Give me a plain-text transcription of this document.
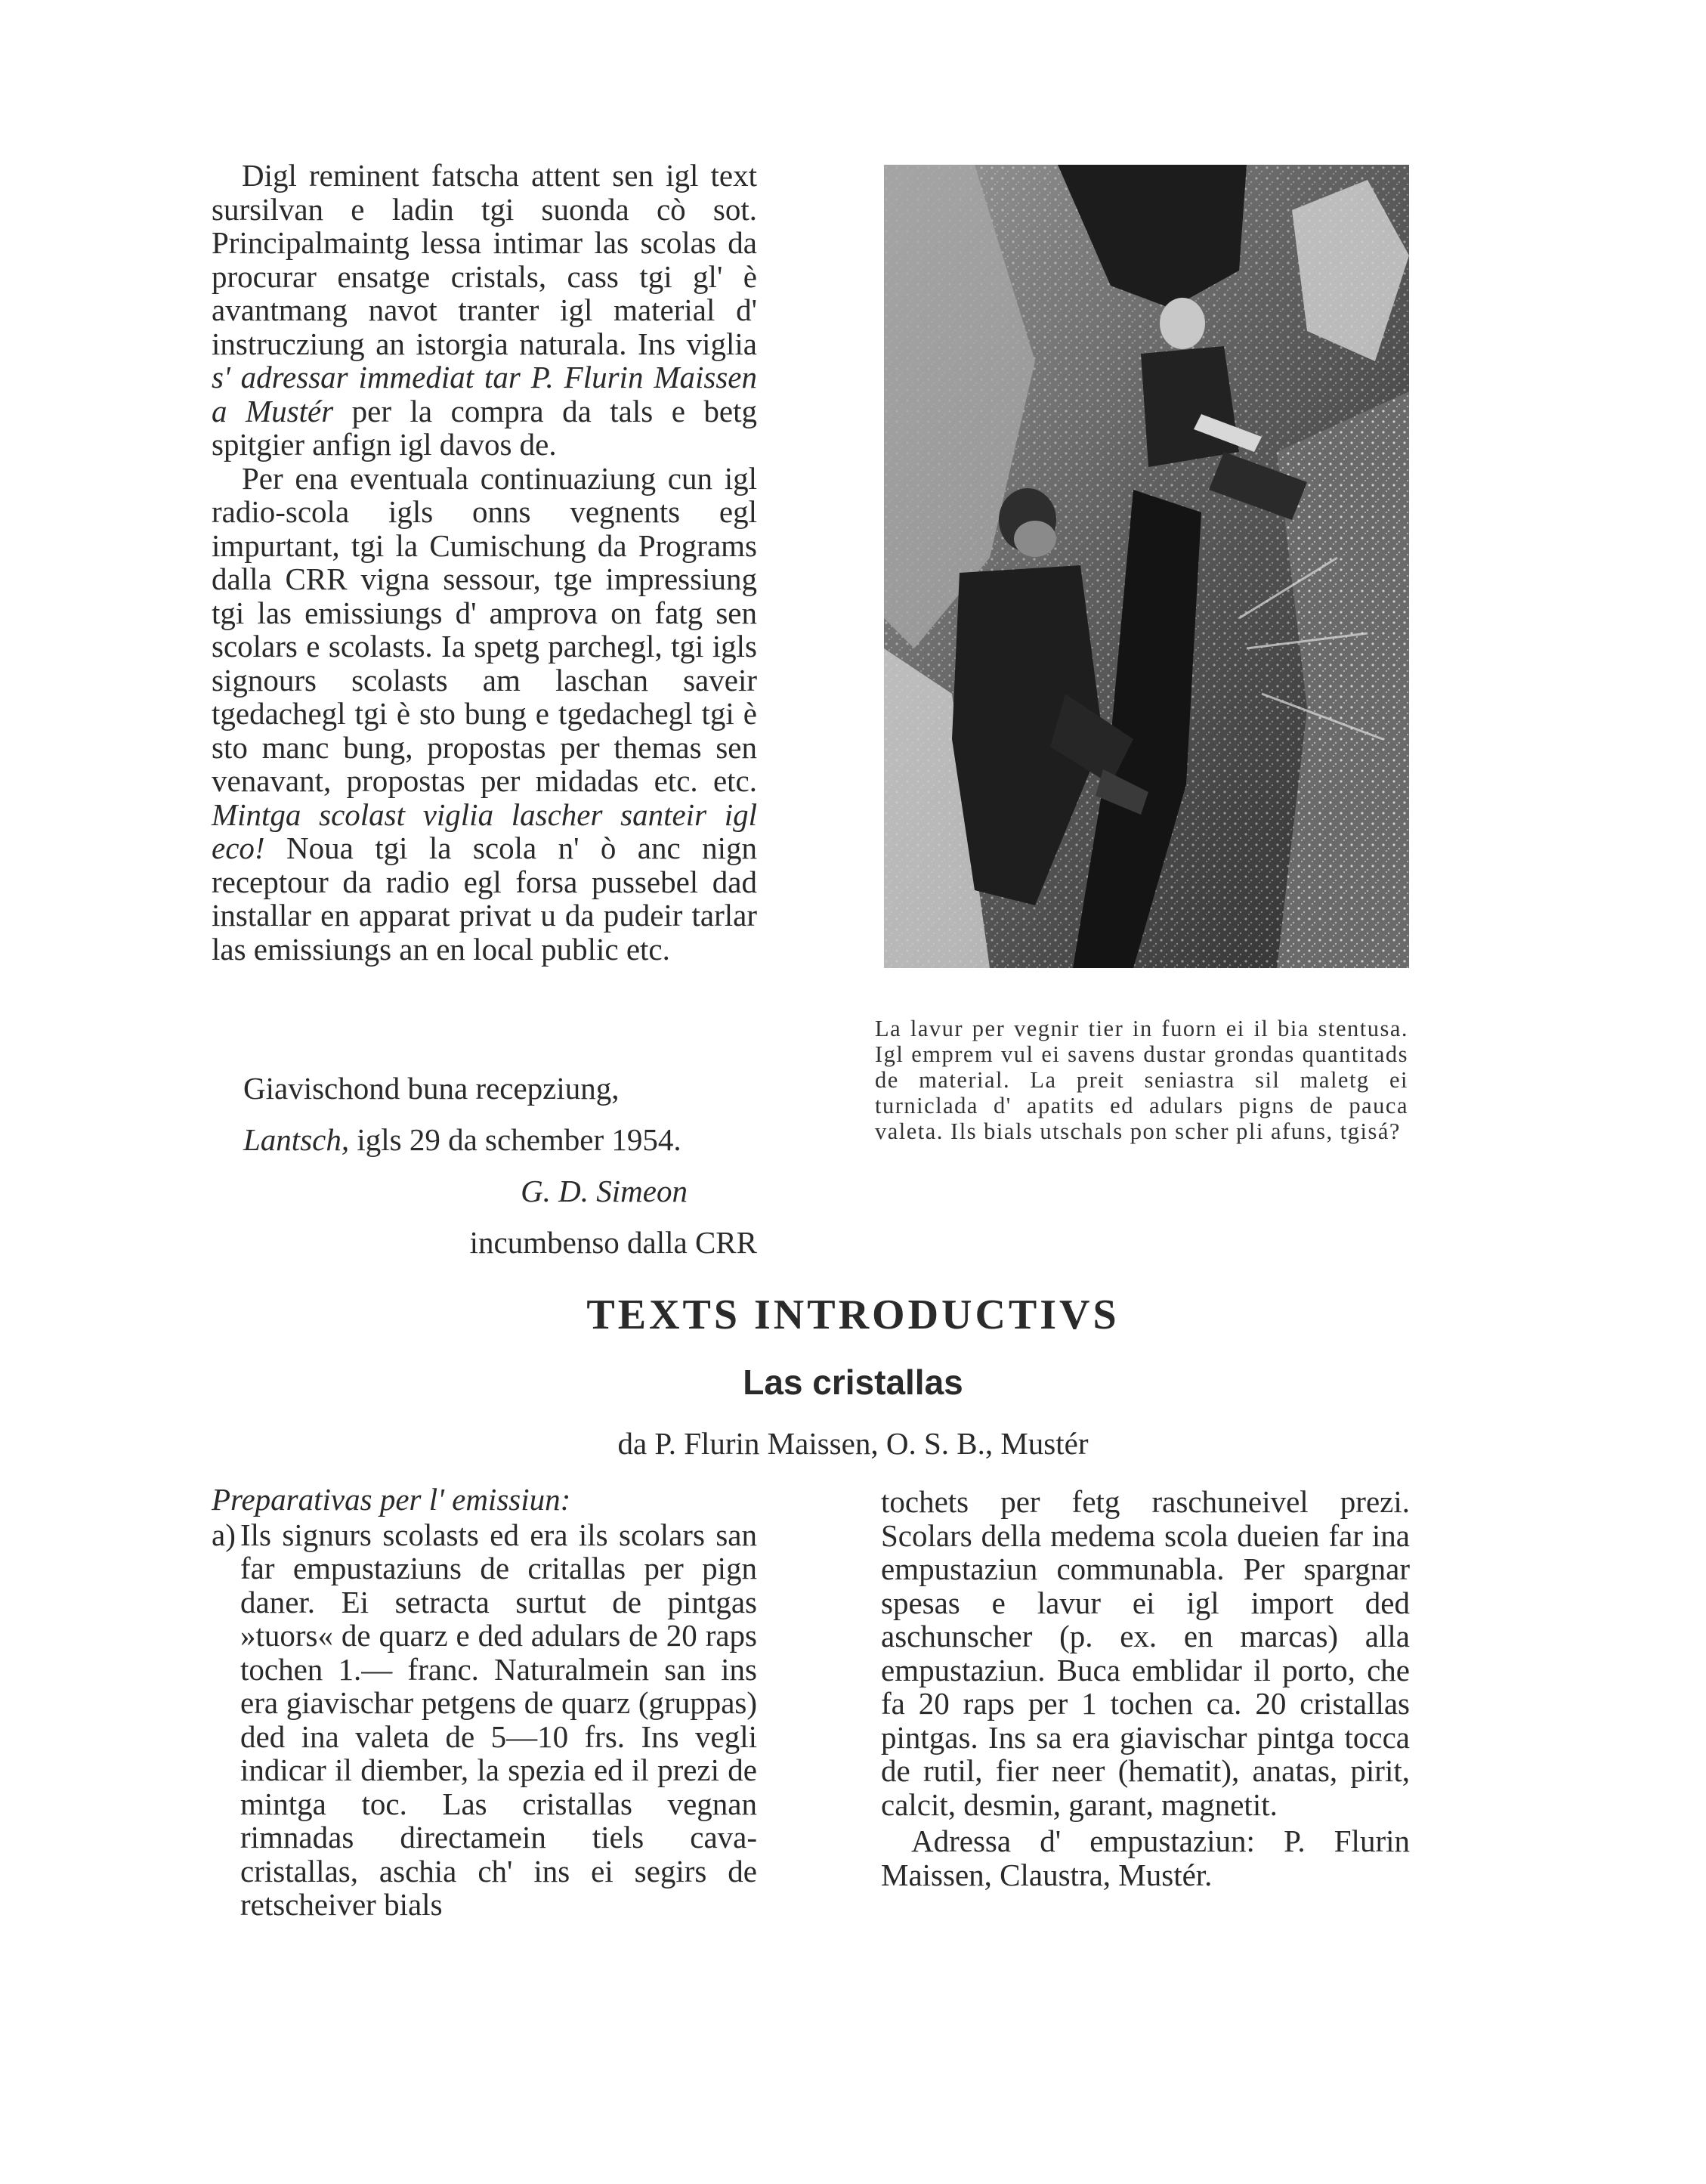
Digl reminent fatscha attent sen igl text sursilvan e ladin tgi suonda cò sot. Principalmaintg lessa intimar las scolas da procurar ensatge cristals, cass tgi gl' è avantmang navot tranter igl material d' instrucziung an istorgia naturala. Ins viglia s' adressar immediat tar P. Flurin Maissen a Mustér per la compra da tals e betg spitgier anfign igl davos de.

Per ena eventuala continuaziung cun igl radio-scola igls onns vegnents egl impurtant, tgi la Cumischung da Programs dalla CRR vigna sessour, tge impressiung tgi las emissiungs d' amprova on fatg sen scolars e scolasts. Ia spetg parchegl, tgi igls signours scolasts am laschan saveir tgedachegl tgi è sto bung e tgedachegl tgi è sto manc bung, propostas per themas sen venavant, propostas per midadas etc. etc. Mintga scolast viglia lascher santeir igl eco! Noua tgi la scola n' ò anc nign receptour da radio egl forsa pussebel dad installar en apparat privat u da pudeir tarlar las emissiungs an en local public etc.

Giavischond buna recepziung,
Lantsch, igls 29 da schember 1954.
G. D. Simeon
incumbenso dalla CRR
La lavur per vegnir tier in fuorn ei il bia stentusa. Igl emprem vul ei savens dustar grondas quantitads de material. La preit seniastra sil maletg ei turniclada d' apatits ed adulars pigns de pauca valeta. Ils bials utschals pon scher pli afuns, tgisá?
TEXTS INTRODUCTIVS
Las cristallas
da P. Flurin Maissen, O. S. B., Mustér

Preparativas per l' emissiun:

a) Ils signurs scolasts ed era ils scolars san far empustaziuns de critallas per pign daner. Ei setracta surtut de pintgas »tuors« de quarz e ded adulars de 20 raps tochen 1.— franc. Naturalmein san ins era giavischar petgens de quarz (gruppas) ded ina valeta de 5—10 frs. Ins vegli indicar il diember, la spezia ed il prezi de mintga toc. Las cristallas vegnan rimnadas directamein tiels cava-cristallas, aschia ch' ins ei segirs de retscheiver bials

tochets per fetg raschuneivel prezi. Scolars della medema scola dueien far ina empustaziun communabla. Per spargnar spesas e lavur ei igl import ded aschunscher (p. ex. en marcas) alla empustaziun. Buca emblidar il porto, che fa 20 raps per 1 tochen ca. 20 cristallas pintgas. Ins sa era giavischar pintga tocca de rutil, fier neer (hematit), anatas, pirit, calcit, desmin, garant, magnetit.

Adressa d' empustaziun: P. Flurin Maissen, Claustra, Mustér.
